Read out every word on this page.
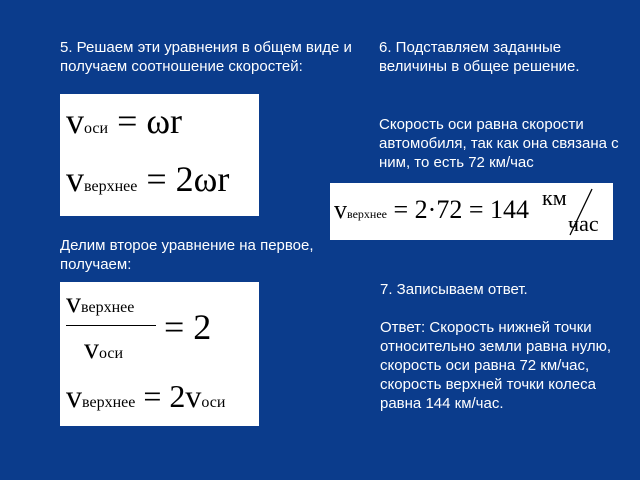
5. Решаем эти уравнения в общем виде и получаем соотношение скоростей:
vоси = ωr
vверхнее = 2ωr
Делим второе уравнение на первое, получаем:
vверхнее
vоси
= 2
vверхнее = 2vоси
6. Подставляем заданные величины в общее решение.
Скорость оси равна скорости автомобиля, так как она связана с ним, то есть 72 км/час
vверхнее = 2·72 = 144 км
час
7. Записываем ответ.
Ответ: Скорость нижней точки относительно земли равна нулю, скорость оси равна 72 км/час, скорость верхней точки колеса равна 144 км/час.
